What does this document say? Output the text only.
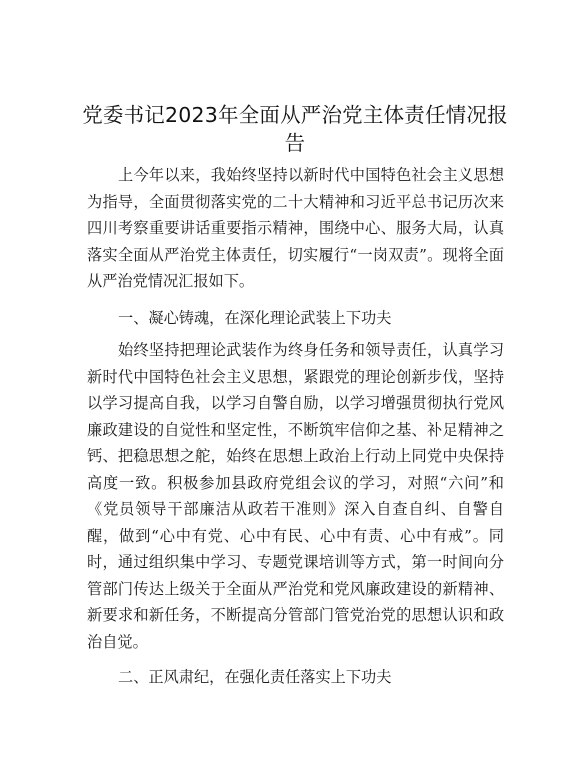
党委书记2023年全面从严治党主体责任情况报告

上今年以来，我始终坚持以新时代中国特色社会主义思想为指导，全面贯彻落实党的二十大精神和习近平总书记历次来四川考察重要讲话重要指示精神，围绕中心、服务大局，认真落实全面从严治党主体责任，切实履行“一岗双责”。现将全面从严治党情况汇报如下。

一、凝心铸魂，在深化理论武装上下功夫

始终坚持把理论武装作为终身任务和领导责任，认真学习新时代中国特色社会主义思想，紧跟党的理论创新步伐，坚持以学习提高自我，以学习自警自励，以学习增强贯彻执行党风廉政建设的自觉性和坚定性，不断筑牢信仰之基、补足精神之钙、把稳思想之舵，始终在思想上政治上行动上同党中央保持高度一致。积极参加县政府党组会议的学习，对照“六问”和《党员领导干部廉洁从政若干准则》深入自查自纠、自警自醒，做到“心中有党、心中有民、心中有责、心中有戒”。同时，通过组织集中学习、专题党课培训等方式，第一时间向分管部门传达上级关于全面从严治党和党风廉政建设的新精神、新要求和新任务，不断提高分管部门管党治党的思想认识和政治自觉。

二、正风肃纪，在强化责任落实上下功夫
